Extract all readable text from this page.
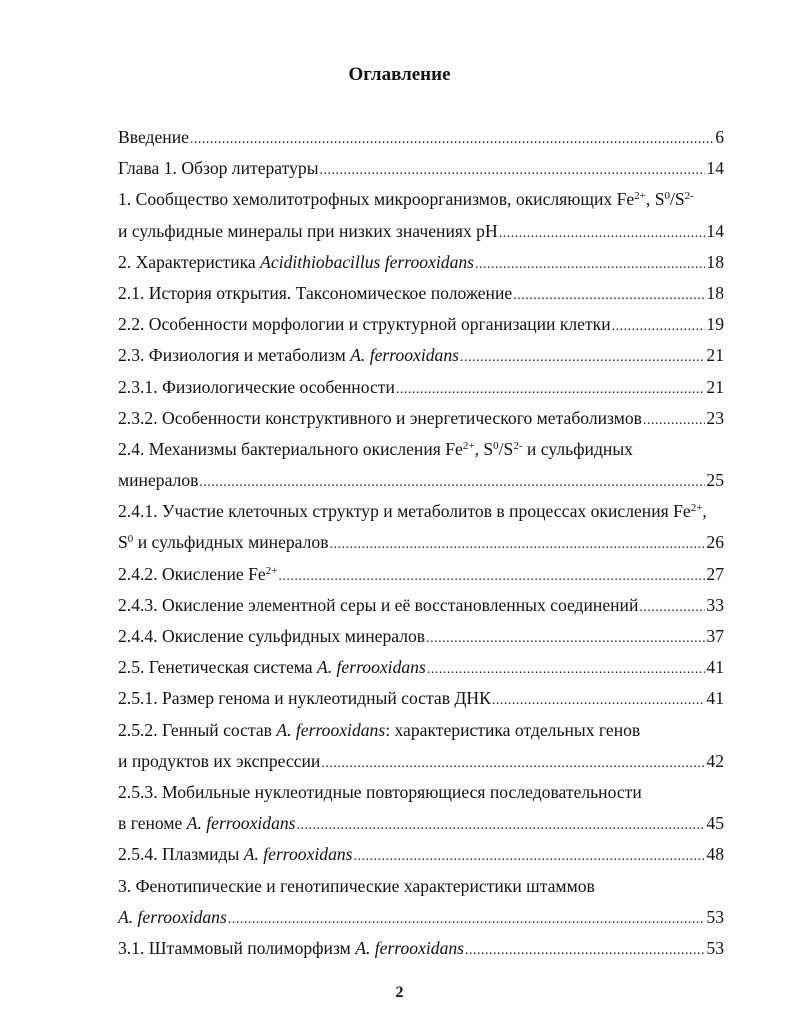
Оглавление
Введение .....	6
Глава 1. Обзор литературы .....	14
1. Сообщество хемолитотрофных микроорганизмов, окисляющих $Fe^{2+}$, $S^0/S^{2-}$
и сульфидные минералы при низких значениях pH .....	14
2. Характеристика Acidithiobacillus ferrooxidans .....	18
2.1. История открытия. Таксономическое положение .....	18
2.2. Особенности морфологии и структурной организации клетки .....	19
2.3. Физиология и метаболизм A. ferrooxidans .....	21
2.3.1. Физиологические особенности .....	21
2.3.2. Особенности конструктивного и энергетического метаболизмов .....	23
2.4. Механизмы бактериального окисления $Fe^{2+}$, $S^0/S^{2-}$ и сульфидных
минералов .....	25
2.4.1. Участие клеточных структур и метаболитов в процессах окисления $Fe^{2+}$,
$S^0$ и сульфидных минералов .....	26
2.4.2. Окисление $Fe^{2+}$ .....	27
2.4.3. Окисление элементной серы и её восстановленных соединений .....	33
2.4.4. Окисление сульфидных минералов .....	37
2.5. Генетическая система A. ferrooxidans .....	41
2.5.1. Размер генома и нуклеотидный состав ДНК .....	41
2.5.2. Генный состав A. ferrooxidans: характеристика отдельных генов
и продуктов их экспрессии .....	42
2.5.3. Мобильные нуклеотидные повторяющиеся последовательности
в геноме A. ferrooxidans .....	45
2.5.4. Плазмиды A. ferrooxidans .....	48
3. Фенотипические и генотипические характеристики штаммов
A. ferrooxidans .....	53
3.1. Штаммовый полиморфизм A. ferrooxidans .....	53
2
